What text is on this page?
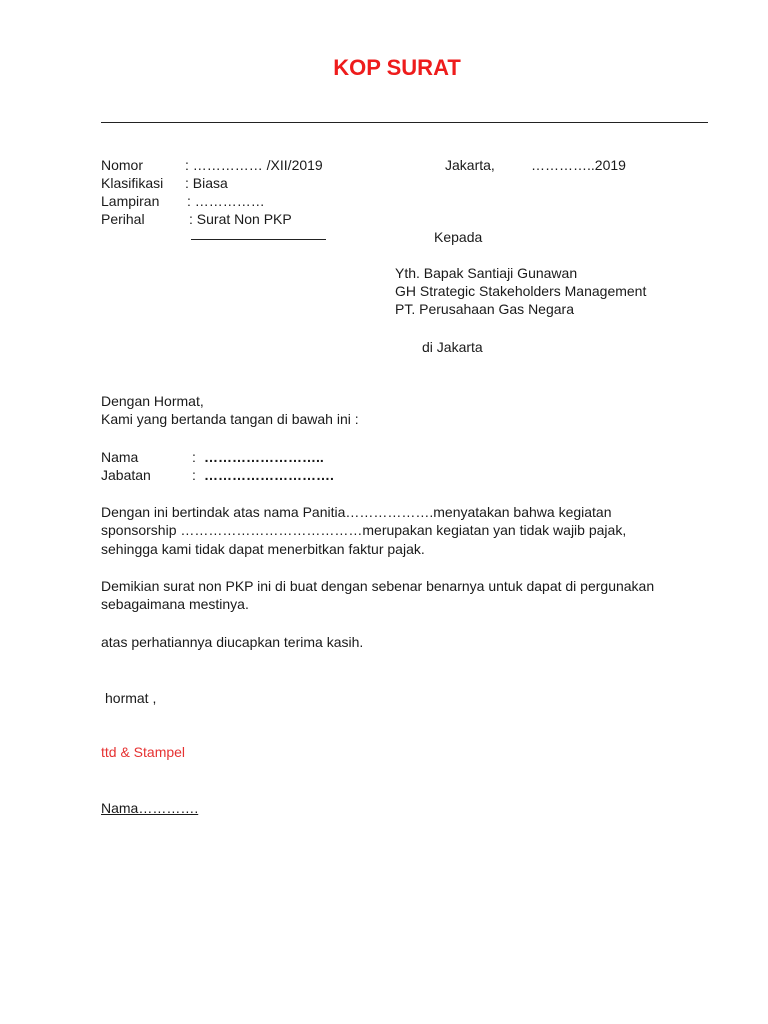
KOP SURAT
Nomor	: …………… /XII/2019
Klasifikasi : Biasa
Lampiran : ……………
Perihal	: Surat Non PKP
Jakarta,	…………..2019
Kepada
Yth. Bapak Santiaji Gunawan
GH Strategic Stakeholders Management
PT. Perusahaan Gas Negara
di Jakarta
Dengan Hormat,
Kami yang bertanda tangan di bawah ini :
Nama	: ……………………..
Jabatan	: ……………………….
Dengan ini bertindak atas nama Panitia……………….menyatakan bahwa kegiatan
sponsorship …………………………………merupakan kegiatan yan tidak wajib pajak,
sehingga kami tidak dapat menerbitkan faktur pajak.
Demikian surat non PKP ini di buat dengan sebenar benarnya untuk dapat di pergunakan
sebagaimana mestinya.
atas perhatiannya diucapkan terima kasih.
hormat ,
ttd & Stampel
Nama………….
